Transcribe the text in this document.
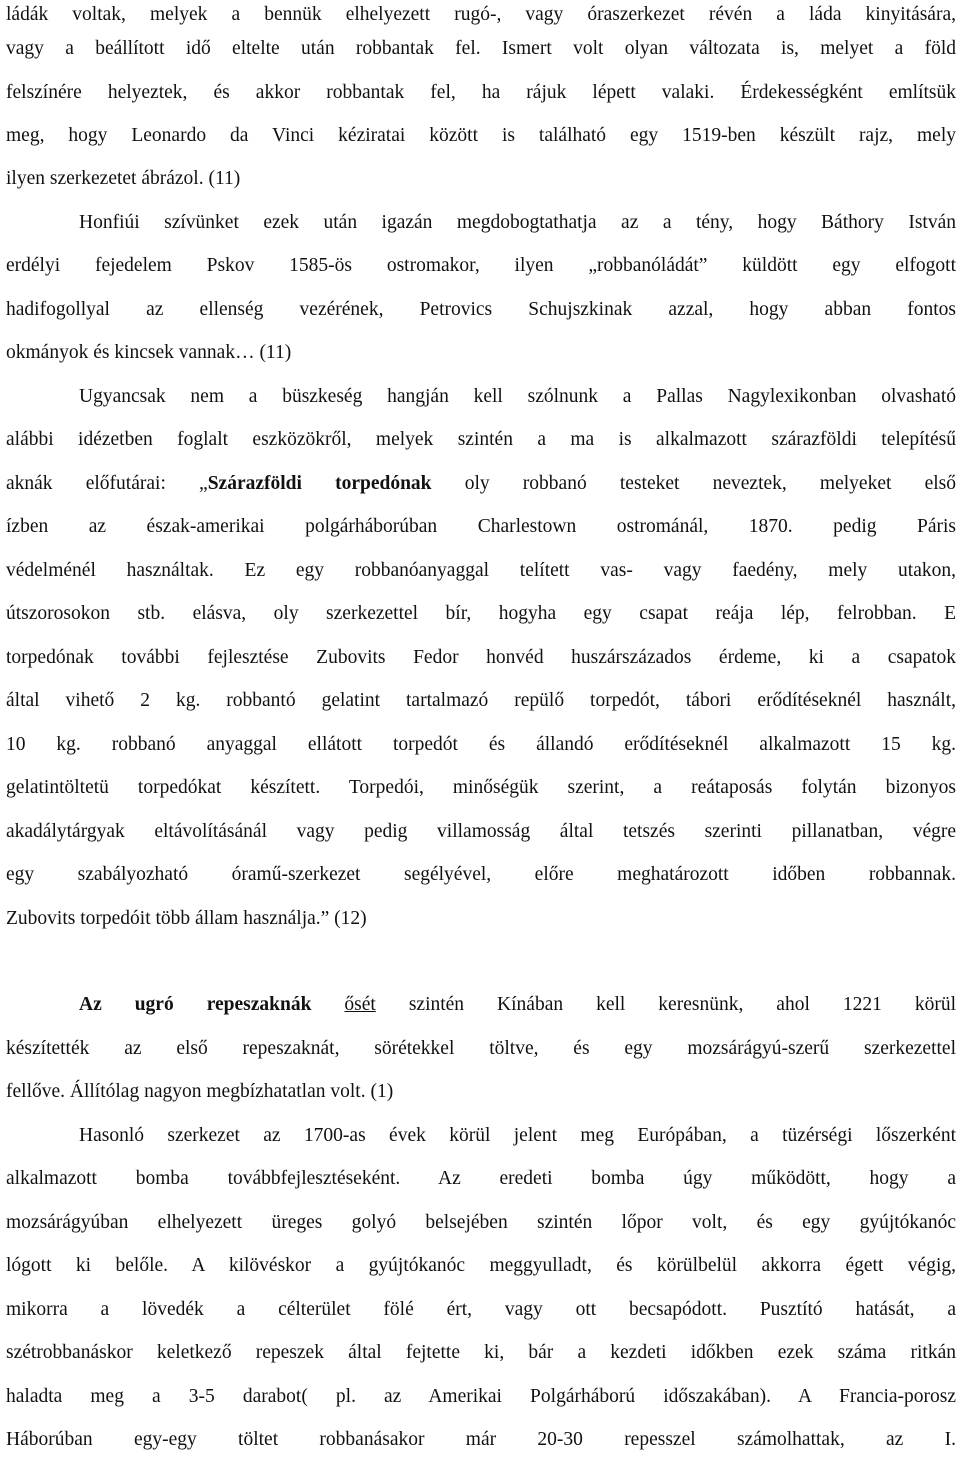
ládák voltak, melyek a bennük elhelyezett rugó-, vagy óraszerkezet révén a láda kinyitására,
vagy a beállított idő eltelte után robbantak fel. Ismert volt olyan változata is, melyet a föld
felszínére helyeztek, és akkor robbantak fel, ha rájuk lépett valaki. Érdekességként említsük
meg, hogy Leonardo da Vinci kéziratai között is található egy 1519-ben készült rajz, mely
ilyen szerkezetet ábrázol. (11)
Honfiúi szívünket ezek után igazán megdobogtathatja az a tény, hogy Báthory István
erdélyi fejedelem Pskov 1585-ös ostromakor, ilyen „robbanóládát” küldött egy elfogott
hadifogollyal az ellenség vezérének, Petrovics Schujszkinak azzal, hogy abban fontos
okmányok és kincsek vannak… (11)
Ugyancsak nem a büszkeség hangján kell szólnunk a Pallas Nagylexikonban olvasható
alábbi idézetben foglalt eszközökről, melyek szintén a ma is alkalmazott szárazföldi telepítésű
aknák előfutárai: „Szárazföldi torpedónak oly robbanó testeket neveztek, melyeket első
ízben az észak-amerikai polgárháborúban Charlestown ostrománál, 1870. pedig Páris
védelménél használtak. Ez egy robbanóanyaggal telített vas- vagy faedény, mely utakon,
útszorosokon stb. elásva, oly szerkezettel bír, hogyha egy csapat reája lép, felrobban. E
torpedónak további fejlesztése Zubovits Fedor honvéd huszárszázados érdeme, ki a csapatok
által vihető 2 kg. robbantó gelatint tartalmazó repülő torpedót, tábori erődítéseknél használt,
10 kg. robbanó anyaggal ellátott torpedót és állandó erődítéseknél alkalmazott 15 kg.
gelatintöltetü torpedókat készített. Torpedói, minőségük szerint, a reátaposás folytán bizonyos
akadálytárgyak eltávolításánál vagy pedig villamosság által tetszés szerinti pillanatban, végre
egy szabályozható óramű-szerkezet segélyével, előre meghatározott időben robbannak.
Zubovits torpedóit több állam használja.” (12)
Az ugró repeszaknák ősét szintén Kínában kell keresnünk, ahol 1221 körül
készítették az első repeszaknát, sörétekkel töltve, és egy mozsárágyú-szerű szerkezettel
fellőve. Állítólag nagyon megbízhatatlan volt. (1)
Hasonló szerkezet az 1700-as évek körül jelent meg Európában, a tüzérségi lőszerként
alkalmazott bomba továbbfejlesztéseként. Az eredeti bomba úgy működött, hogy a
mozsárágyúban elhelyezett üreges golyó belsejében szintén lőpor volt, és egy gyújtókanóc
lógott ki belőle. A kilövéskor a gyújtókanóc meggyulladt, és körülbelül akkorra égett végig,
mikorra a lövedék a célterület fölé ért, vagy ott becsapódott. Pusztító hatását, a
szétrobbanáskor keletkező repeszek által fejtette ki, bár a kezdeti időkben ezek száma ritkán
haladta meg a 3-5 darabot( pl. az Amerikai Polgárháború időszakában). A Francia-porosz
Háborúban egy-egy töltet robbanásakor már 20-30 repesszel számolhattak, az I.
